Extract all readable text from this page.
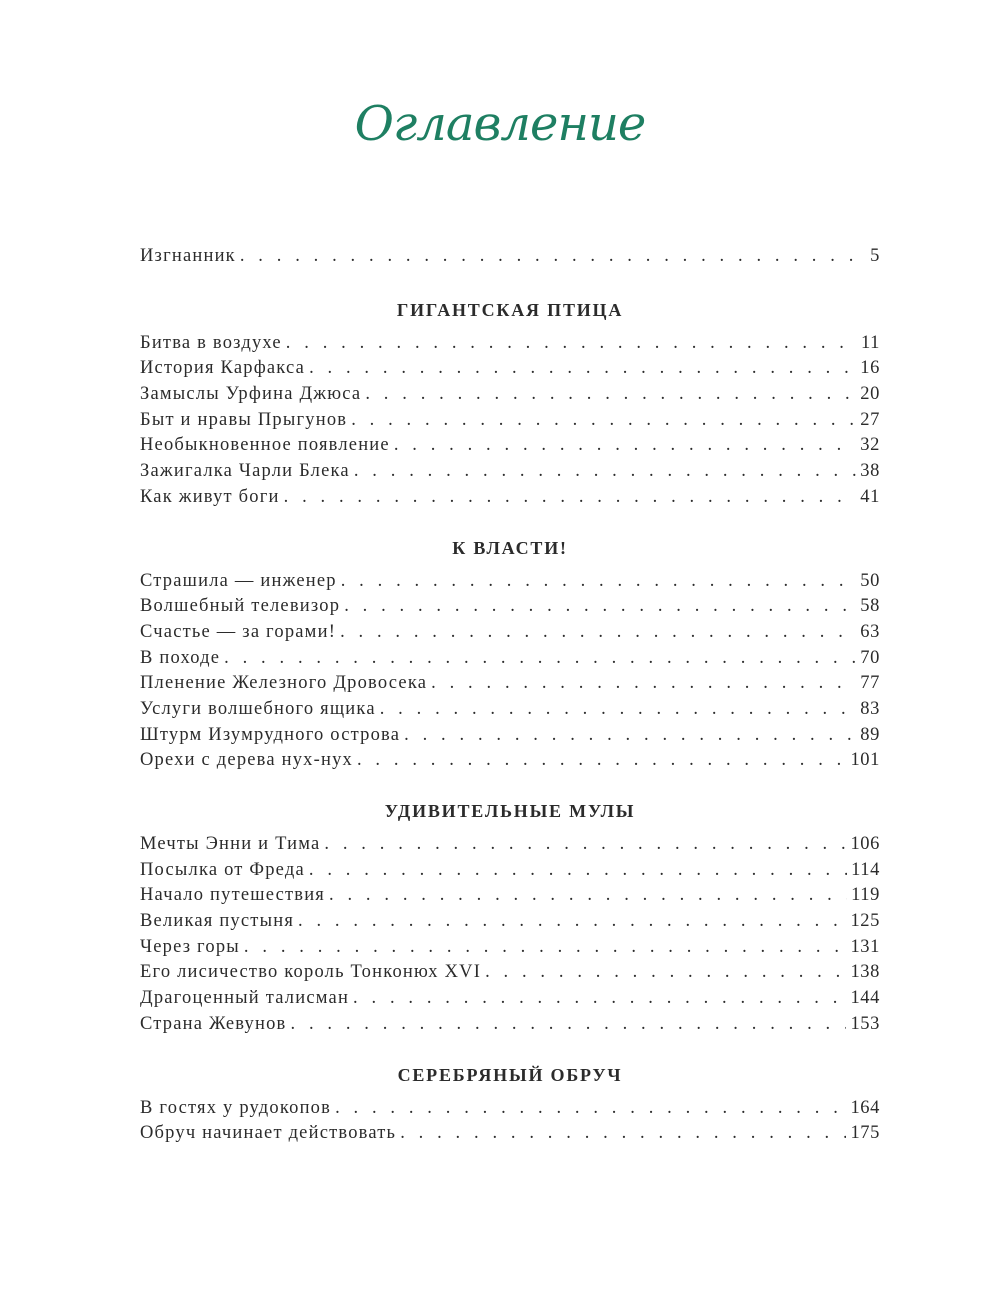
Оглавление
Изгнанник . . .	5
ГИГАНТСКАЯ ПТИЦА
Битва в воздухе . . .	11
История Карфакса . . .	16
Замыслы Урфина Джюса . . .	20
Быт и нравы Прыгунов . . .	27
Необыкновенное появление . . .	32
Зажигалка Чарли Блека . . .	38
Как живут боги . . .	41
К ВЛАСТИ!
Страшила — инженер . . .	50
Волшебный телевизор . . .	58
Счастье — за горами! . . .	63
В походе . . .	70
Пленение Железного Дровосека . . .	77
Услуги волшебного ящика . . .	83
Штурм Изумрудного острова . . .	89
Орехи с дерева нух-нух . . .	101
УДИВИТЕЛЬНЫЕ МУЛЫ
Мечты Энни и Тима . . .	106
Посылка от Фреда . . .	114
Начало путешествия . . .	119
Великая пустыня . . .	125
Через горы . . .	131
Его лисичество король Тонконюх XVI . . .	138
Драгоценный талисман . . .	144
Страна Жевунов . . .	153
СЕРЕБРЯНЫЙ ОБРУЧ
В гостях у рудокопов . . .	164
Обруч начинает действовать . . .	175
